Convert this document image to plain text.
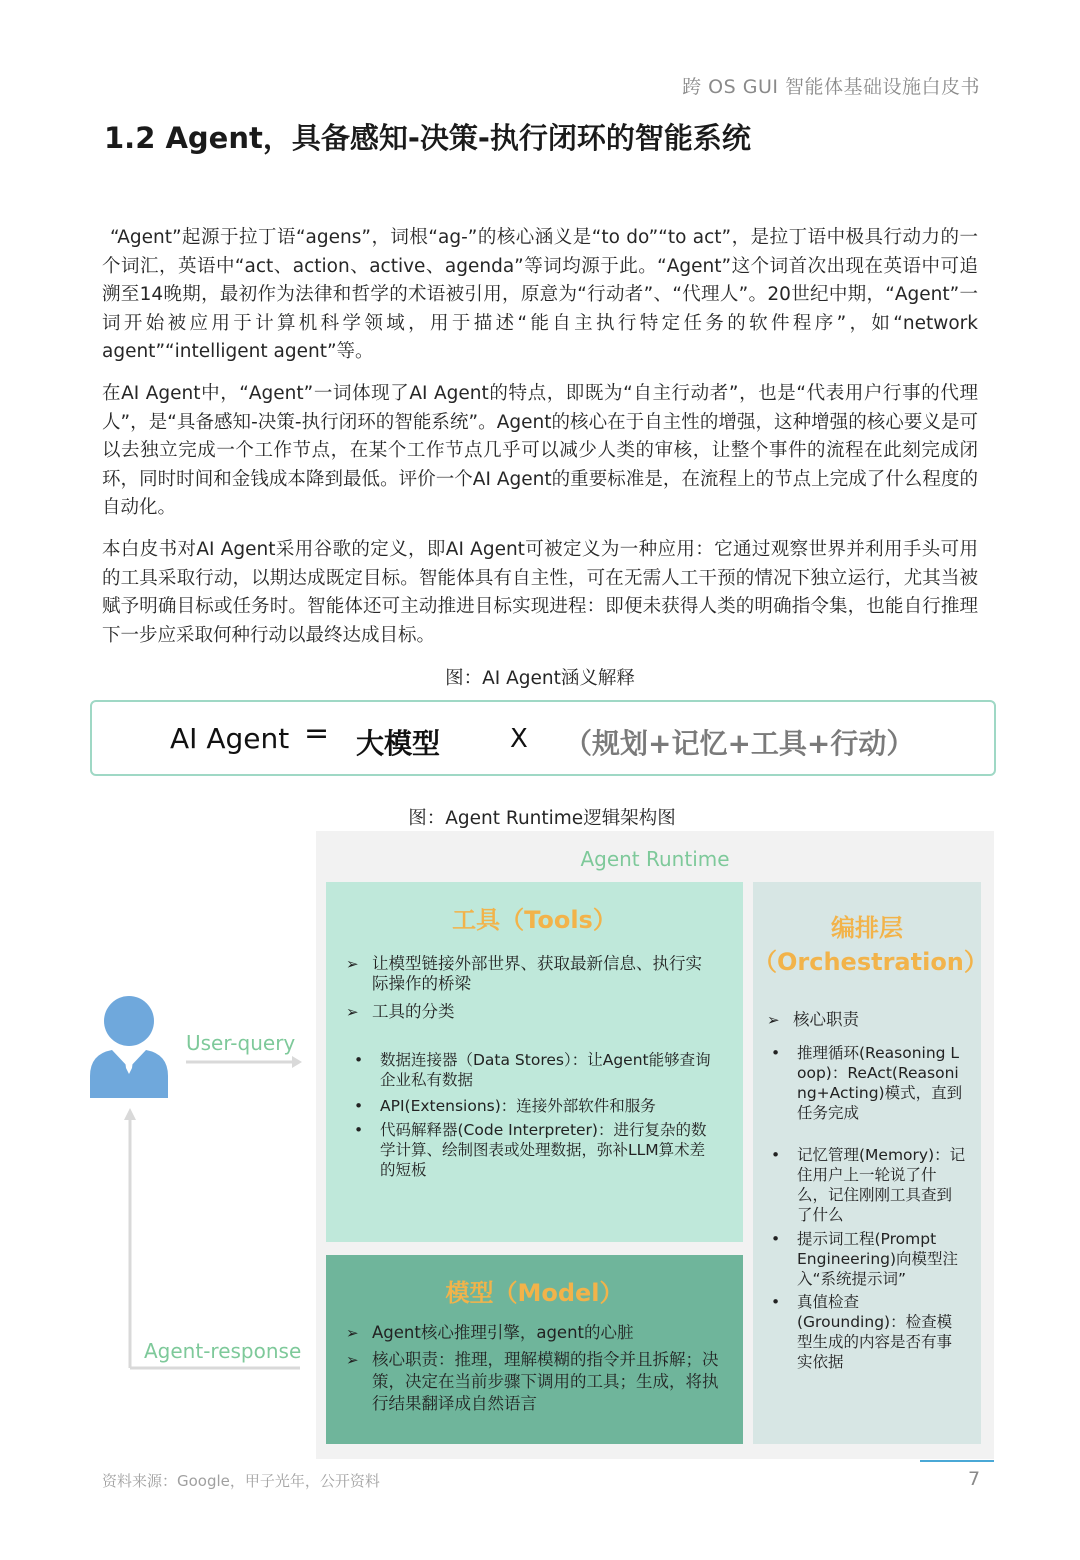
跨 OS GUI 智能体基础设施白皮书
1.2 Agent，具备感知-决策-执行闭环的智能系统

“Agent”起源于拉丁语“agens”，词根“ag-”的核心涵义是“to do”“to act”，是拉丁语中极具行动力的一个词汇，英语中“act、action、active、agenda”等词均源于此。“Agent”这个词首次出现在英语中可追溯至14晚期，最初作为法律和哲学的术语被引用，原意为“行动者”、“代理人”。20世纪中期，“Agent”一词开始被应用于计算机科学领域，用于描述“能自主执行特定任务的软件程序”，如“network agent”“intelligent agent”等。

在AI Agent中，“Agent”一词体现了AI Agent的特点，即既为“自主行动者”，也是“代表用户行事的代理人”，是“具备感知-决策-执行闭环的智能系统”。Agent的核心在于自主性的增强，这种增强的核心要义是可以去独立完成一个工作节点，在某个工作节点几乎可以减少人类的审核，让整个事件的流程在此刻完成闭环，同时时间和金钱成本降到最低。评价一个AI Agent的重要标准是，在流程上的节点上完成了什么程度的自动化。

本白皮书对AI Agent采用谷歌的定义，即AI Agent可被定义为一种应用：它通过观察世界并利用手头可用的工具采取行动，以期达成既定目标。智能体具有自主性，可在无需人工干预的情况下独立运行，尤其当被赋予明确目标或任务时。智能体还可主动推进目标实现进程：即便未获得人类的明确指令集，也能自行推理下一步应采取何种行动以最终达成目标。

图：AI Agent涵义解释
AI Agent = 大模型	X （规划+记忆+工具+行动）
图：Agent Runtime逻辑架构图
User-query
Agent-response
Agent Runtime
工具（Tools）
➢ 让模型链接外部世界、获取最新信息、执行实际操作的桥梁
➢ 工具的分类
•	数据连接器（Data Stores）：让Agent能够查询企业私有数据
•	API(Extensions)：连接外部软件和服务
•	代码解释器(Code Interpreter)：进行复杂的数学计算、绘制图表或处理数据，弥补LLM算术差的短板
模型（Model）
➢ Agent核心推理引擎，agent的心脏
➢ 核心职责：推理，理解模糊的指令并且拆解；决策，决定在当前步骤下调用的工具；生成，将执行结果翻译成自然语言
编排层
（Orchestration）
➢ 核心职责
•	推理循环(Reasoning Loop)：ReAct(Reasoning+Acting)模式，直到任务完成
•	记忆管理(Memory)：记住用户上一轮说了什么，记住刚刚工具查到了什么
•	提示词工程(Prompt Engineering)向模型注入“系统提示词”
•	真值检查 (Grounding)：检查模型生成的内容是否有事实依据
资料来源：Google，甲子光年，公开资料	7
